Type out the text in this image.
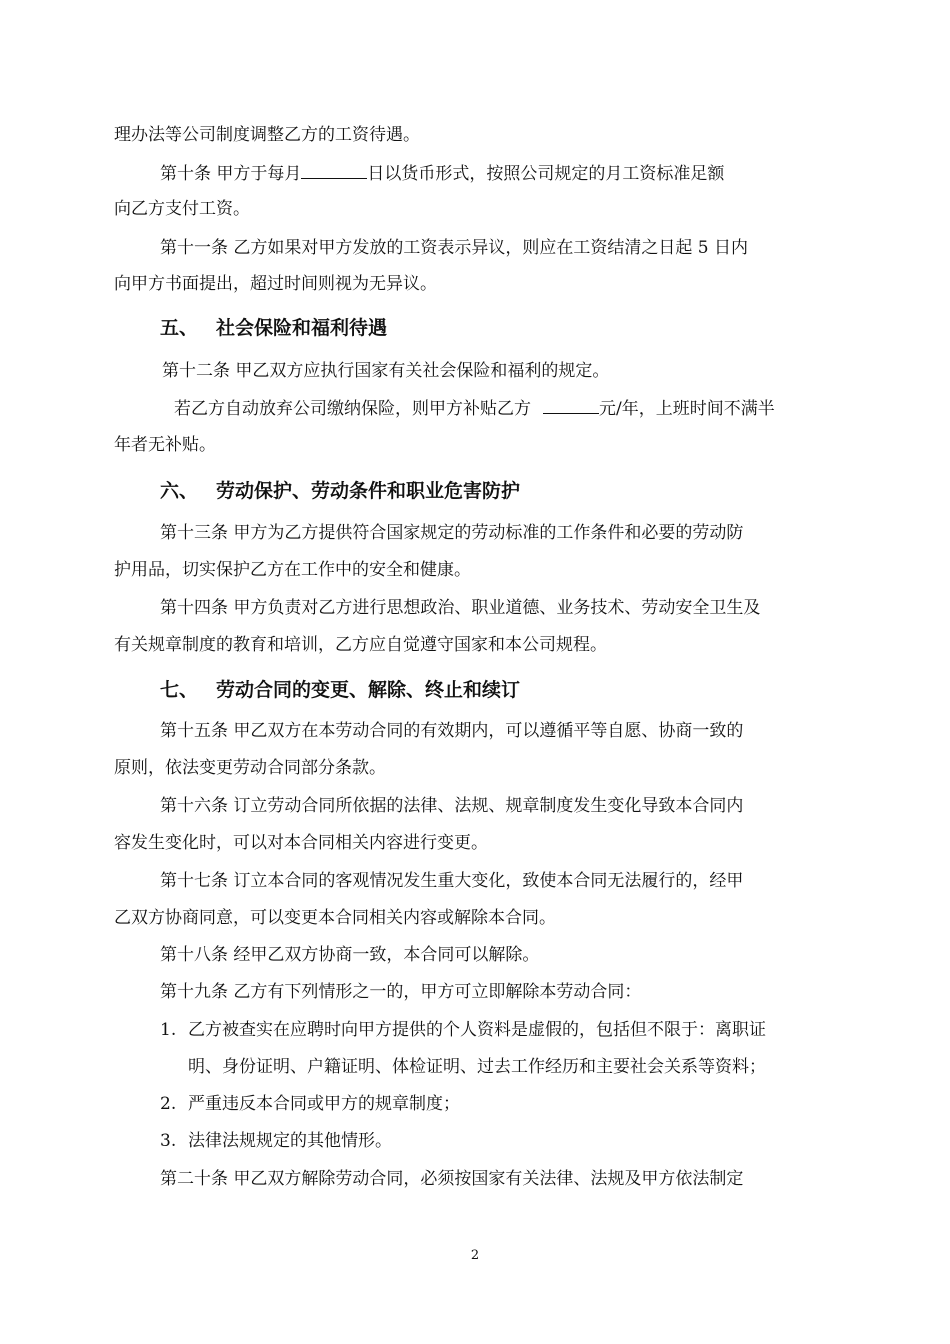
理办法等公司制度调整乙方的工资待遇。
第十条 甲方于每月	日以货币形式，按照公司规定的月工资标准足额
向乙方支付工资。
第十一条 乙方如果对甲方发放的工资表示异议，则应在工资结清之日起 5 日内
向甲方书面提出，超过时间则视为无异议。
五、 社会保险和福利待遇
第十二条 甲乙双方应执行国家有关社会保险和福利的规定。
若乙方自动放弃公司缴纳保险，则甲方补贴乙方	元/年，上班时间不满半
年者无补贴。
六、 劳动保护、劳动条件和职业危害防护
第十三条 甲方为乙方提供符合国家规定的劳动标准的工作条件和必要的劳动防
护用品，切实保护乙方在工作中的安全和健康。
第十四条 甲方负责对乙方进行思想政治、职业道德、业务技术、劳动安全卫生及
有关规章制度的教育和培训，乙方应自觉遵守国家和本公司规程。
七、 劳动合同的变更、解除、终止和续订
第十五条 甲乙双方在本劳动合同的有效期内，可以遵循平等自愿、协商一致的
原则，依法变更劳动合同部分条款。
第十六条 订立劳动合同所依据的法律、法规、规章制度发生变化导致本合同内
容发生变化时，可以对本合同相关内容进行变更。
第十七条 订立本合同的客观情况发生重大变化，致使本合同无法履行的，经甲
乙双方协商同意，可以变更本合同相关内容或解除本合同。
第十八条 经甲乙双方协商一致，本合同可以解除。
第十九条 乙方有下列情形之一的，甲方可立即解除本劳动合同：
1. 乙方被查实在应聘时向甲方提供的个人资料是虚假的，包括但不限于：离职证
明、身份证明、户籍证明、体检证明、过去工作经历和主要社会关系等资料；
2. 严重违反本合同或甲方的规章制度；
3. 法律法规规定的其他情形。
第二十条 甲乙双方解除劳动合同，必须按国家有关法律、法规及甲方依法制定
2
